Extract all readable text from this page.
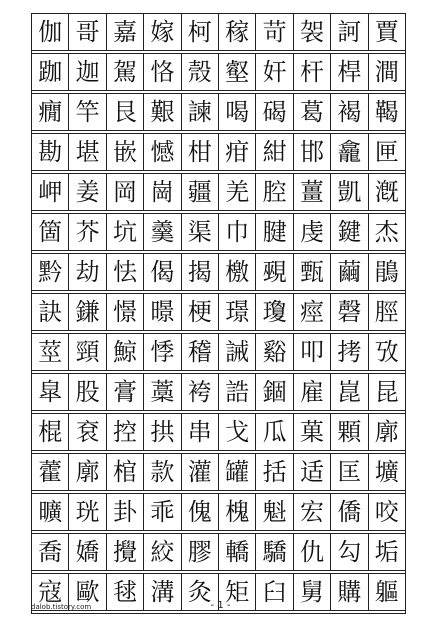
伽 哥 嘉 嫁 柯 稼 苛 袈 訶 賈
跏 迦 駕 恪 殼 壑 奸 杆 桿 澗
癇 竿 艮 艱 諫 喝 碣 葛 褐 鞨
勘 堪 嵌 憾 柑 疳 紺 邯 龕 匣
岬 姜 岡 崗 疆 羌 腔 薑 凱 漑
箇 芥 坑 羹 渠 巾 腱 虔 鍵 杰
黔 劫 怯 偈 揭 檄 覡 甄 繭 鵑
訣 鎌 憬 暻 梗 璟 瓊 痙 磬 脛
莖 頸 鯨 悸 稽 誡 谿 叩 拷 攷
皐 股 膏 藁 袴 誥 錮 雇 崑 昆
棍 袞 控 拱 串 戈 瓜 菓 顆 廓
藿 廓 棺 款 灌 罐 括 适 匡 壙
曠 珖 卦 乖 傀 槐 魁 宏 僑 咬
喬 嬌 攪 絞 膠 轎 驕 仇 勾 垢
寇 歐 毬 溝 灸 矩 臼 舅 購 軀
dalob.tistory.com	- 1 -
